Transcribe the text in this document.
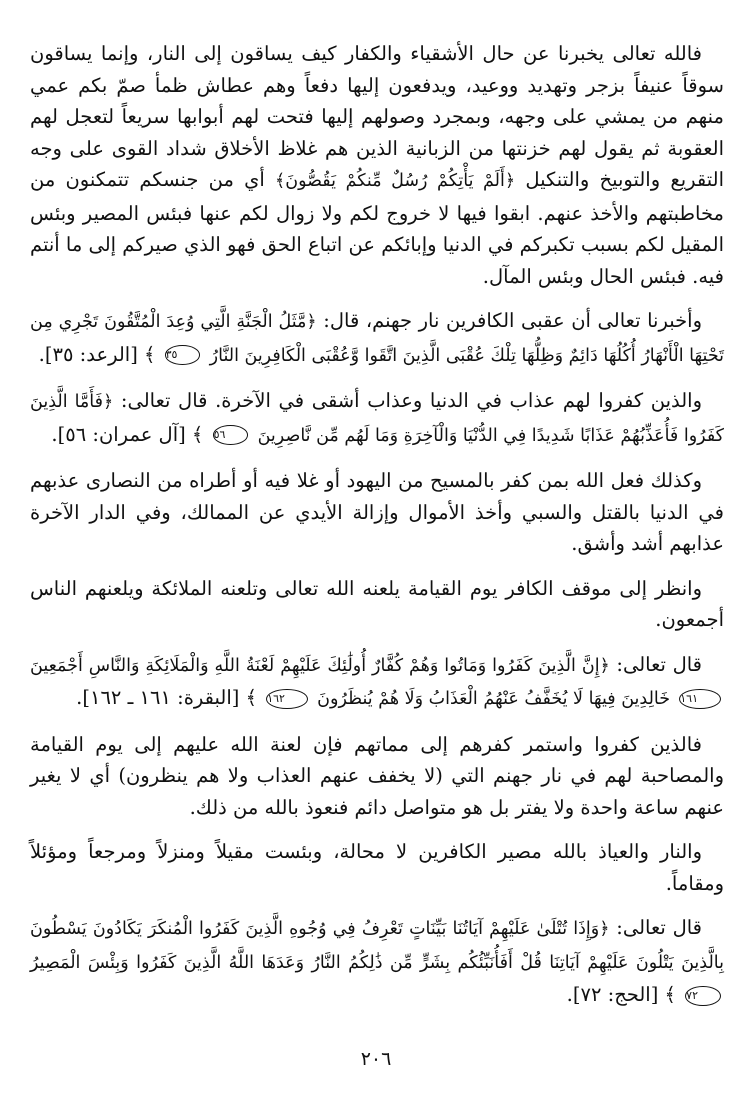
فالله تعالى يخبرنا عن حال الأشقياء والكفار كيف يساقون إلى النار، وإنما يساقون سوقاً عنيفاً بزجر وتهديد ووعيد، ويدفعون إليها دفعاً وهم عطاش ظمأ صمّ بكم عمي منهم من يمشي على وجهه، وبمجرد وصولهم إليها فتحت لهم أبوابها سريعاً لتعجل لهم العقوبة ثم يقول لهم خزنتها من الزبانية الذين هم غلاظ الأخلاق شداد القوى على وجه التقريع والتوبيخ والتنكيل ﴿أَلَمْ يَأْتِكُمْ رُسُلٌ مِّنكُمْ يَقُصُّونَ﴾ أي من جنسكم تتمكنون من مخاطبتهم والأخذ عنهم. ابقوا فيها لا خروج لكم ولا زوال لكم عنها فبئس المصير وبئس المقيل لكم بسبب تكبركم في الدنيا وإبائكم عن اتباع الحق فهو الذي صيركم إلى ما أنتم فيه. فبئس الحال وبئس المآل.

وأخبرنا تعالى أن عقبى الكافرين نار جهنم، قال: ﴿مَّثَلُ الْجَنَّةِ الَّتِي وُعِدَ الْمُتَّقُونَ تَجْرِي مِن تَحْتِهَا الْأَنْهَارُ أُكُلُهَا دَائِمٌ وَظِلُّهَا تِلْكَ عُقْبَى الَّذِينَ اتَّقَوا وَّعُقْبَى الْكَافِرِينَ النَّارُ ٣٥ ﴾ [الرعد: ٣٥].

والذين كفروا لهم عذاب في الدنيا وعذاب أشقى في الآخرة. قال تعالى: ﴿فَأَمَّا الَّذِينَ كَفَرُوا فَأُعَذِّبُهُمْ عَذَابًا شَدِيدًا فِي الدُّنْيَا وَالْآخِرَةِ وَمَا لَهُم مِّن نَّاصِرِينَ ٥٦ ﴾ [آل عمران: ٥٦].

وكذلك فعل الله بمن كفر بالمسيح من اليهود أو غلا فيه أو أطراه من النصارى عذبهم في الدنيا بالقتل والسبي وأخذ الأموال وإزالة الأيدي عن الممالك، وفي الدار الآخرة عذابهم أشد وأشق.

وانظر إلى موقف الكافر يوم القيامة يلعنه الله تعالى وتلعنه الملائكة ويلعنهم الناس أجمعون.

قال تعالى: ﴿إِنَّ الَّذِينَ كَفَرُوا وَمَاتُوا وَهُمْ كُفَّارٌ أُولَٰئِكَ عَلَيْهِمْ لَعْنَةُ اللَّهِ وَالْمَلَائِكَةِ وَالنَّاسِ أَجْمَعِينَ ١٦١ خَالِدِينَ فِيهَا لَا يُخَفَّفُ عَنْهُمُ الْعَذَابُ وَلَا هُمْ يُنظَرُونَ ١٦٢ ﴾ [البقرة: ١٦١ ـ ١٦٢].

فالذين كفروا واستمر كفرهم إلى مماتهم فإن لعنة الله عليهم إلى يوم القيامة والمصاحبة لهم في نار جهنم التي (لا يخفف عنهم العذاب ولا هم ينظرون) أي لا يغير عنهم ساعة واحدة ولا يفتر بل هو متواصل دائم فنعوذ بالله من ذلك.

والنار والعياذ بالله مصير الكافرين لا محالة، وبئست مقيلاً ومنزلاً ومرجعاً ومؤئلاً ومقاماً.

قال تعالى: ﴿وَإِذَا تُتْلَىٰ عَلَيْهِمْ آيَاتُنَا بَيِّنَاتٍ تَعْرِفُ فِي وُجُوهِ الَّذِينَ كَفَرُوا الْمُنكَرَ يَكَادُونَ يَسْطُونَ بِالَّذِينَ يَتْلُونَ عَلَيْهِمْ آيَاتِنَا قُلْ أَفَأُنَبِّئُكُم بِشَرٍّ مِّن ذَٰلِكُمُ النَّارُ وَعَدَهَا اللَّهُ الَّذِينَ كَفَرُوا وَبِئْسَ الْمَصِيرُ ٧٢ ﴾ [الحج: ٧٢].

٢٠٦
